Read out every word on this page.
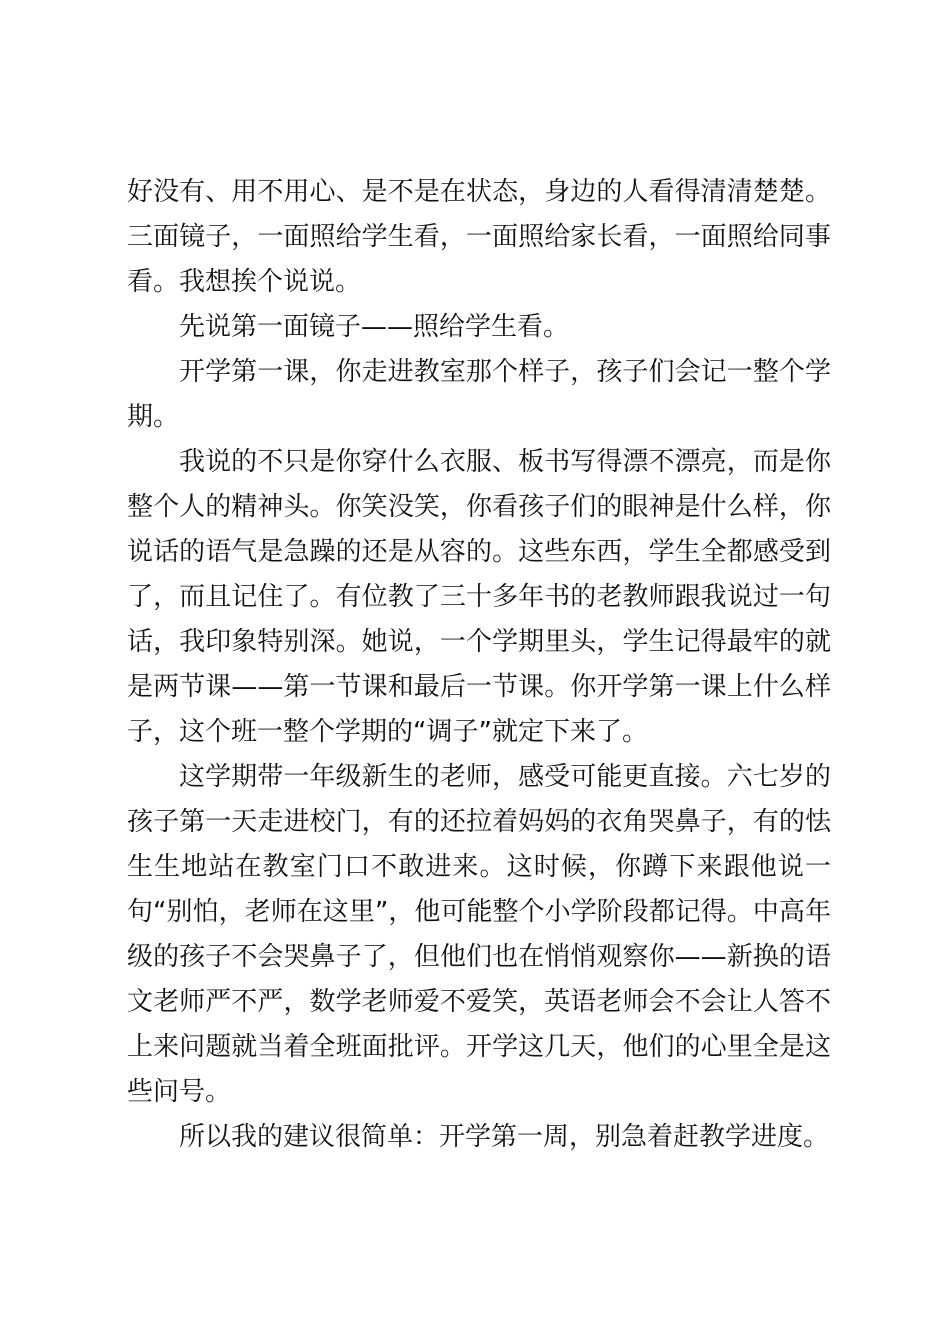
好没有、用不用心、是不是在状态，身边的人看得清清楚楚。三面镜子，一面照给学生看，一面照给家长看，一面照给同事看。我想挨个说说。

先说第一面镜子——照给学生看。

开学第一课，你走进教室那个样子，孩子们会记一整个学期。

我说的不只是你穿什么衣服、板书写得漂不漂亮，而是你整个人的精神头。你笑没笑，你看孩子们的眼神是什么样，你说话的语气是急躁的还是从容的。这些东西，学生全都感受到了，而且记住了。有位教了三十多年书的老教师跟我说过一句话，我印象特别深。她说，一个学期里头，学生记得最牢的就是两节课——第一节课和最后一节课。你开学第一课上什么样子，这个班一整个学期的“调子”就定下来了。

这学期带一年级新生的老师，感受可能更直接。六七岁的孩子第一天走进校门，有的还拉着妈妈的衣角哭鼻子，有的怯生生地站在教室门口不敢进来。这时候，你蹲下来跟他说一句“别怕，老师在这里”，他可能整个小学阶段都记得。中高年级的孩子不会哭鼻子了，但他们也在悄悄观察你——新换的语文老师严不严，数学老师爱不爱笑，英语老师会不会让人答不上来问题就当着全班面批评。开学这几天，他们的心里全是这些问号。

所以我的建议很简单：开学第一周，别急着赶教学进度。
